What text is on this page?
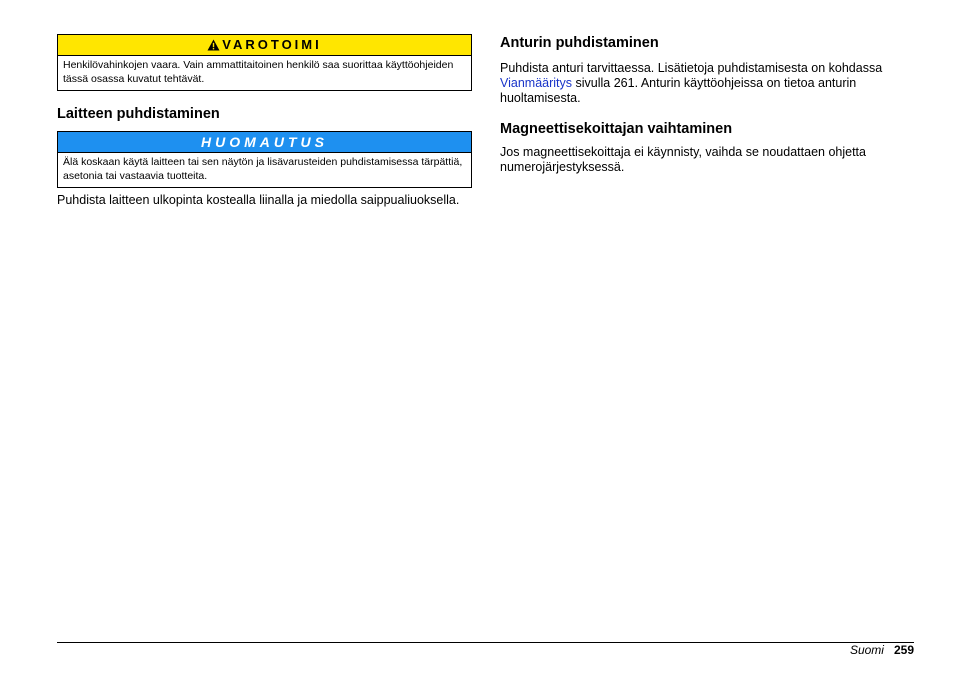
VAROTOIMI
Henkilövahinkojen vaara. Vain ammattitaitoinen henkilö saa suorittaa käyttöohjeiden tässä osassa kuvatut tehtävät.
Laitteen puhdistaminen
HUOMAUTUS
Älä koskaan käytä laitteen tai sen näytön ja lisävarusteiden puhdistamisessa tärpättiä, asetonia tai vastaavia tuotteita.

Puhdista laitteen ulkopinta kostealla liinalla ja miedolla saippualiuoksella.

Anturin puhdistaminen

Puhdista anturi tarvittaessa. Lisätietoja puhdistamisesta on kohdassa Vianmääritys sivulla 261. Anturin käyttöohjeissa on tietoa anturin huoltamisesta.

Magneettisekoittajan vaihtaminen

Jos magneettisekoittaja ei käynnisty, vaihda se noudattaen ohjetta numerojärjestyksessä.

Suomi 259
